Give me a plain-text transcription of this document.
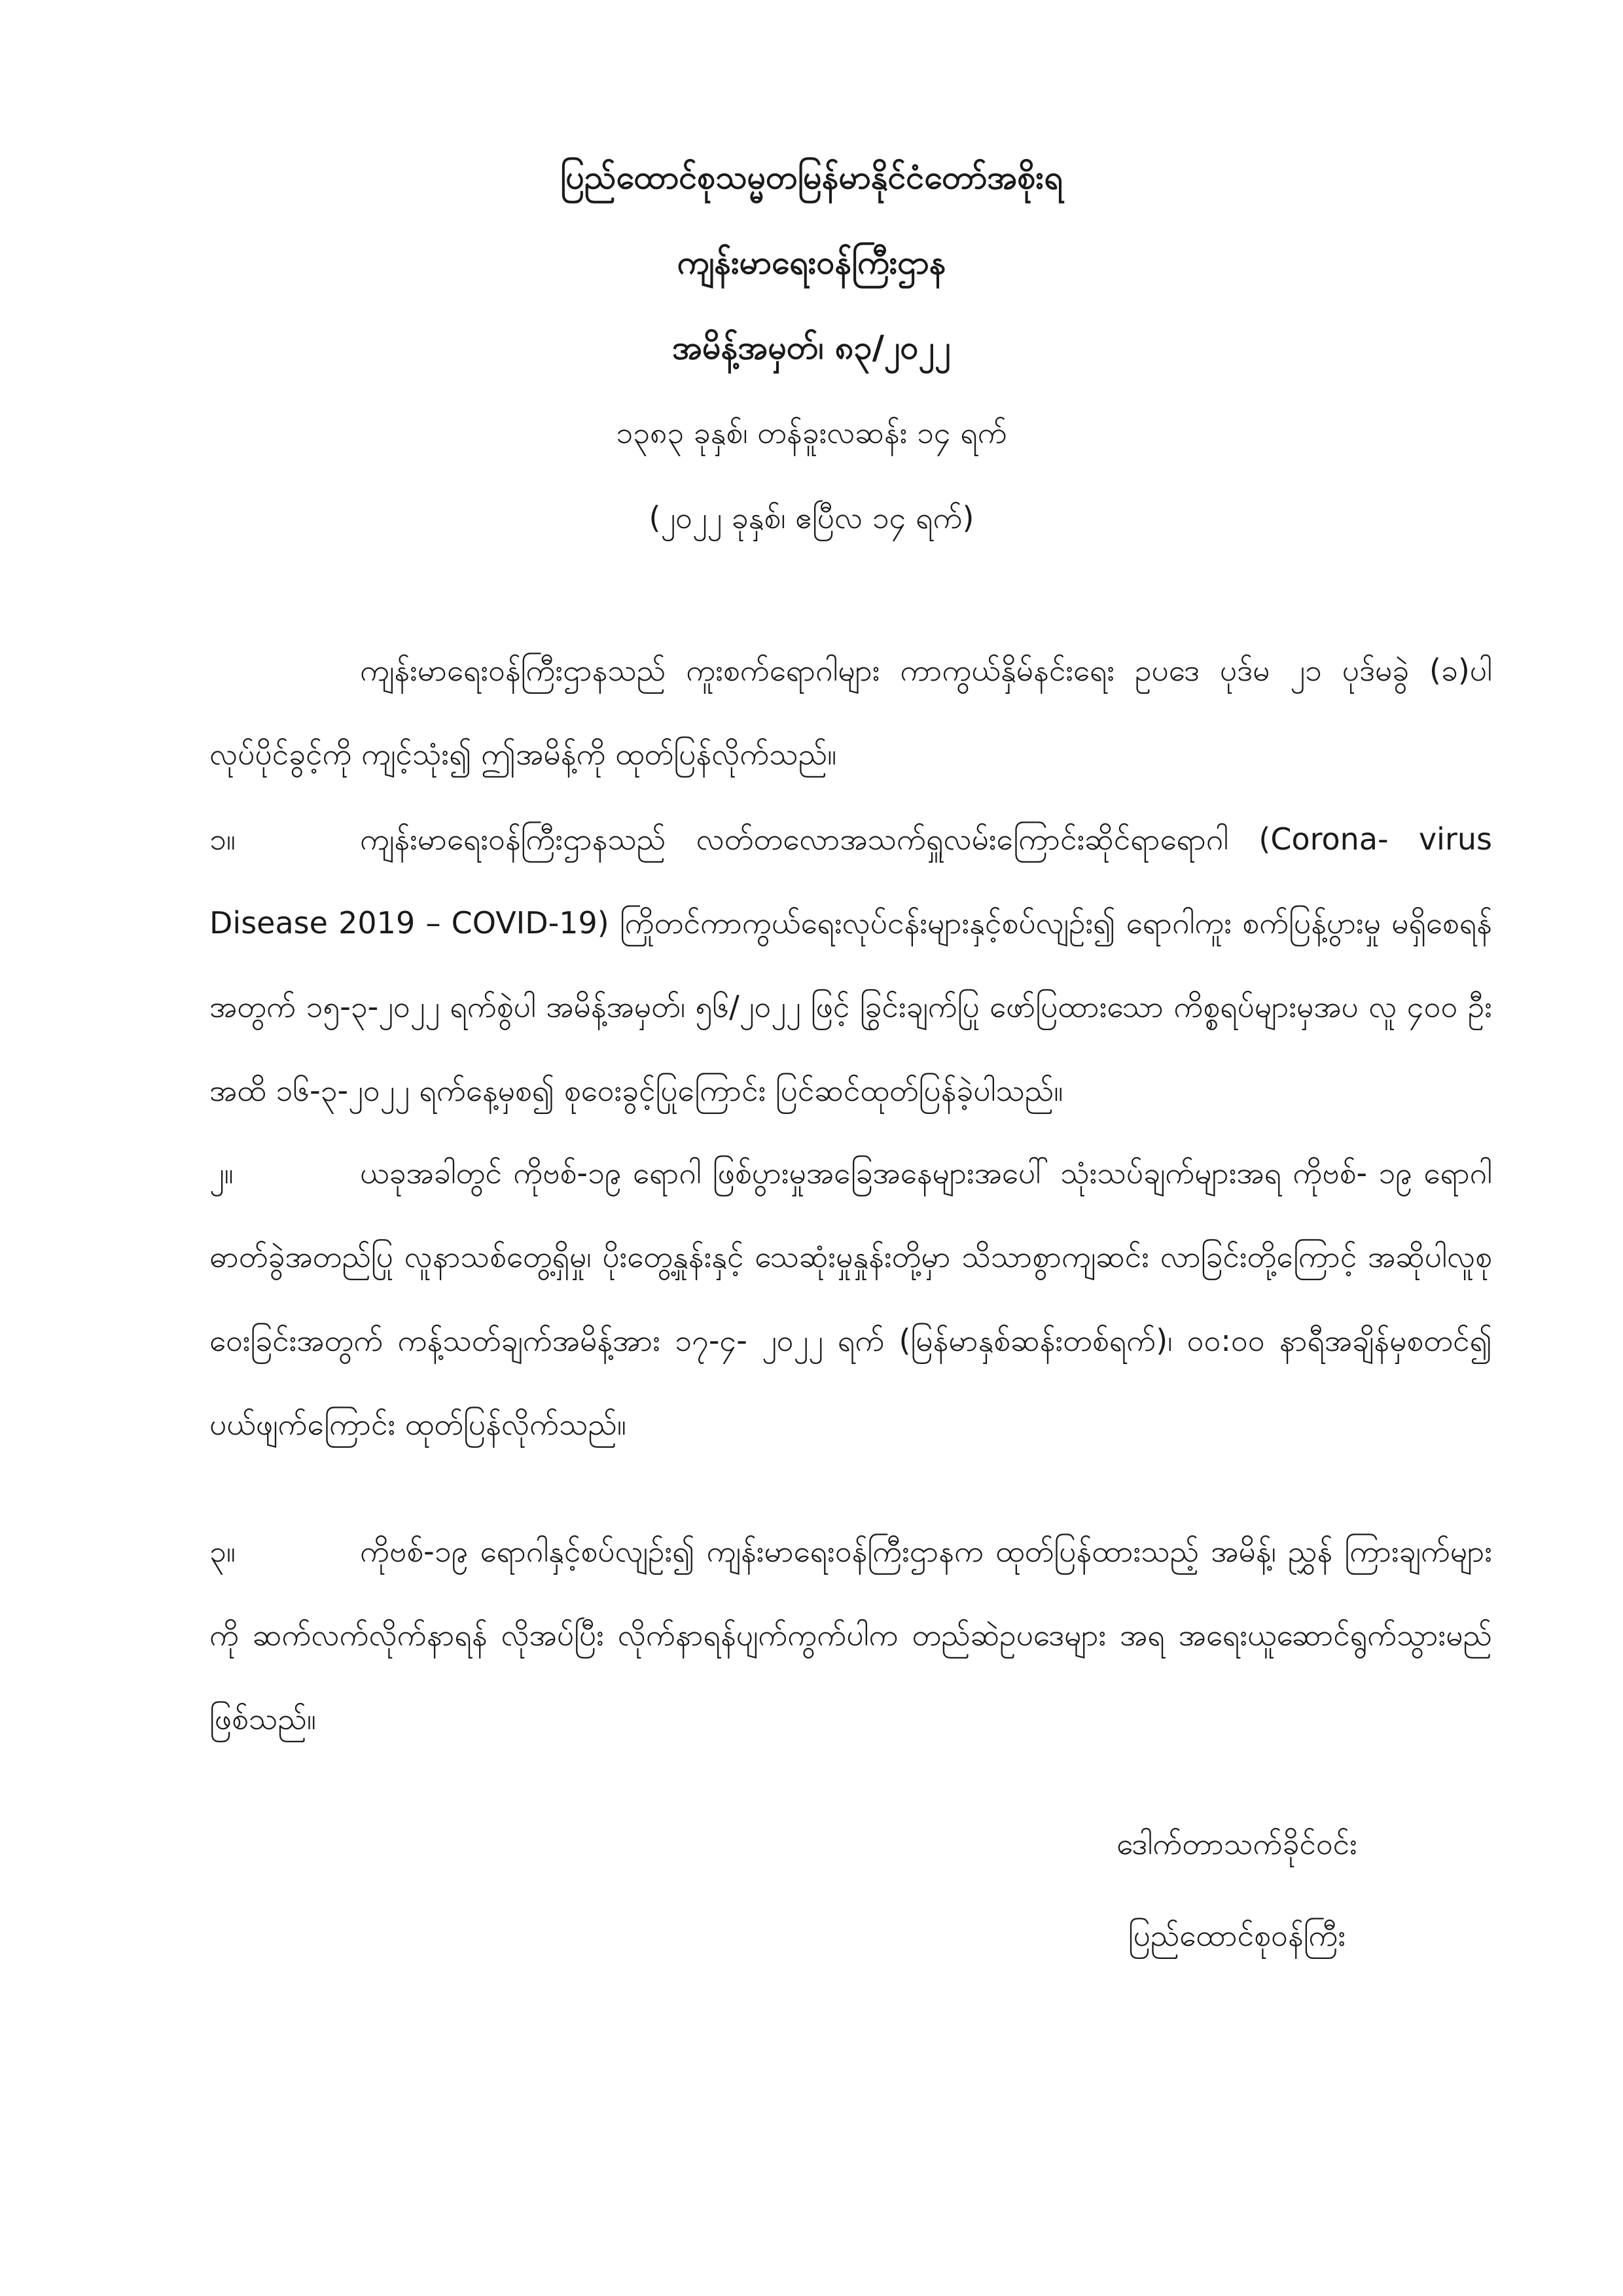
ပြည်ထောင်စုသမ္မတမြန်မာနိုင်ငံတော်အစိုးရ
ကျန်းမာရေးဝန်ကြီးဌာန
အမိန့်အမှတ်၊ ၈၃/၂၀၂၂
၁၃၈၃ ခုနှစ်၊ တန်ခူးလဆန်း ၁၄ ရက်
(၂၀၂၂ ခုနှစ်၊ ဧပြီလ ၁၄ ရက်)

ကျန်းမာရေးဝန်ကြီးဌာနသည် ကူးစက်ရောဂါများ ကာကွယ်နှိမ်နင်းရေး ဥပဒေ ပုဒ်မ ၂၁ ပုဒ်မခွဲ (ခ)ပါ လုပ်ပိုင်ခွင့်ကို ကျင့်သုံး၍ ဤအမိန့်ကို ထုတ်ပြန်လိုက်သည်။

၁။	ကျန်းမာရေးဝန်ကြီးဌာနသည် လတ်တလောအသက်ရှူလမ်းကြောင်းဆိုင်ရာရောဂါ (Corona- virus Disease 2019 – COVID-19) ကြိုတင်ကာကွယ်ရေးလုပ်ငန်းများနှင့်စပ်လျဉ်း၍ ရောဂါကူး စက်ပြန့်ပွားမှု မရှိစေရန်အတွက် ၁၅-၃-၂၀၂၂ ရက်စွဲပါ အမိန့်အမှတ်၊ ၅၆/၂၀၂၂ ဖြင့် ခြွင်းချက်ပြု ဖော်ပြထားသော ကိစ္စရပ်များမှအပ လူ ၄၀၀ ဦးအထိ ၁၆-၃-၂၀၂၂ ရက်နေ့မှစ၍ စုဝေးခွင့်ပြုကြောင်း ပြင်ဆင်ထုတ်ပြန်ခဲ့ပါသည်။

၂။	ယခုအခါတွင် ကိုဗစ်-၁၉ ရောဂါ ဖြစ်ပွားမှုအခြေအနေများအပေါ် သုံးသပ်ချက်များအရ ကိုဗစ်- ၁၉ ရောဂါ ဓာတ်ခွဲအတည်ပြု လူနာသစ်တွေ့ရှိမှု၊ ပိုးတွေ့နှုန်းနှင့် သေဆုံးမှုနှုန်းတို့မှာ သိသာစွာကျဆင်း လာခြင်းတို့ကြောင့် အဆိုပါလူစုဝေးခြင်းအတွက် ကန့်သတ်ချက်အမိန့်အား ၁၇-၄- ၂၀၂၂ ရက် (မြန်မာနှစ်ဆန်းတစ်ရက်)၊ ၀၀:၀၀ နာရီအချိန်မှစတင်၍ ပယ်ဖျက်ကြောင်း ထုတ်ပြန်လိုက်သည်။

၃။	ကိုဗစ်-၁၉ ရောဂါနှင့်စပ်လျဉ်း၍ ကျန်းမာရေးဝန်ကြီးဌာနက ထုတ်ပြန်ထားသည့် အမိန့်၊ ညွှန် ကြားချက်များကို ဆက်လက်လိုက်နာရန် လိုအပ်ပြီး လိုက်နာရန်ပျက်ကွက်ပါက တည်ဆဲဥပဒေများ အရ အရေးယူဆောင်ရွက်သွားမည်ဖြစ်သည်။

ဒေါက်တာသက်ခိုင်ဝင်း
ပြည်ထောင်စုဝန်ကြီး
